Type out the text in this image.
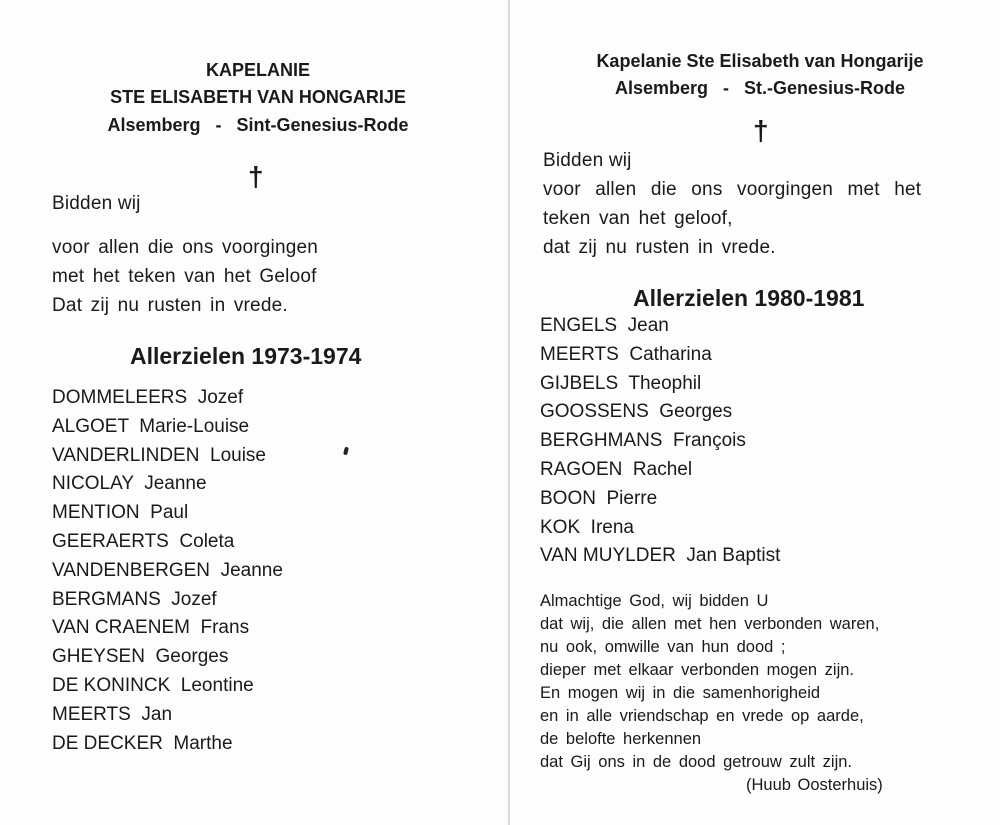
KAPELANIE
STE ELISABETH VAN HONGARIJE
Alsemberg   -   Sint-Genesius-Rode
†
Bidden wij
voor allen die ons voorgingen
met het teken van het Geloof
Dat zij nu rusten in vrede.
Allerzielen 1973-1974
DOMMELEERS  Jozef
ALGOET  Marie-Louise
VANDERLINDEN  Louise
NICOLAY  Jeanne
MENTION  Paul
GEERAERTS  Coleta
VANDENBERGEN  Jeanne
BERGMANS  Jozef
VAN CRAENEM  Frans
GHEYSEN  Georges
DE KONINCK  Leontine
MEERTS  Jan
DE DECKER  Marthe
Kapelanie Ste Elisabeth van Hongarije
Alsemberg   -   St.-Genesius-Rode
†
Bidden wij
voor allen die ons voorgingen met het
teken van het geloof,
dat zij nu rusten in vrede.
Allerzielen 1980-1981
ENGELS  Jean
MEERTS  Catharina
GIJBELS  Theophil
GOOSSENS  Georges
BERGHMANS  François
RAGOEN  Rachel
BOON  Pierre
KOK  Irena
VAN MUYLDER  Jan Baptist
Almachtige God, wij bidden U
dat wij, die allen met hen verbonden waren,
nu ook, omwille van hun dood ;
dieper met elkaar verbonden mogen zijn.
En mogen wij in die samenhorigheid
en in alle vriendschap en vrede op aarde,
de belofte herkennen
dat Gij ons in de dood getrouw zult zijn.
(Huub Oosterhuis)
